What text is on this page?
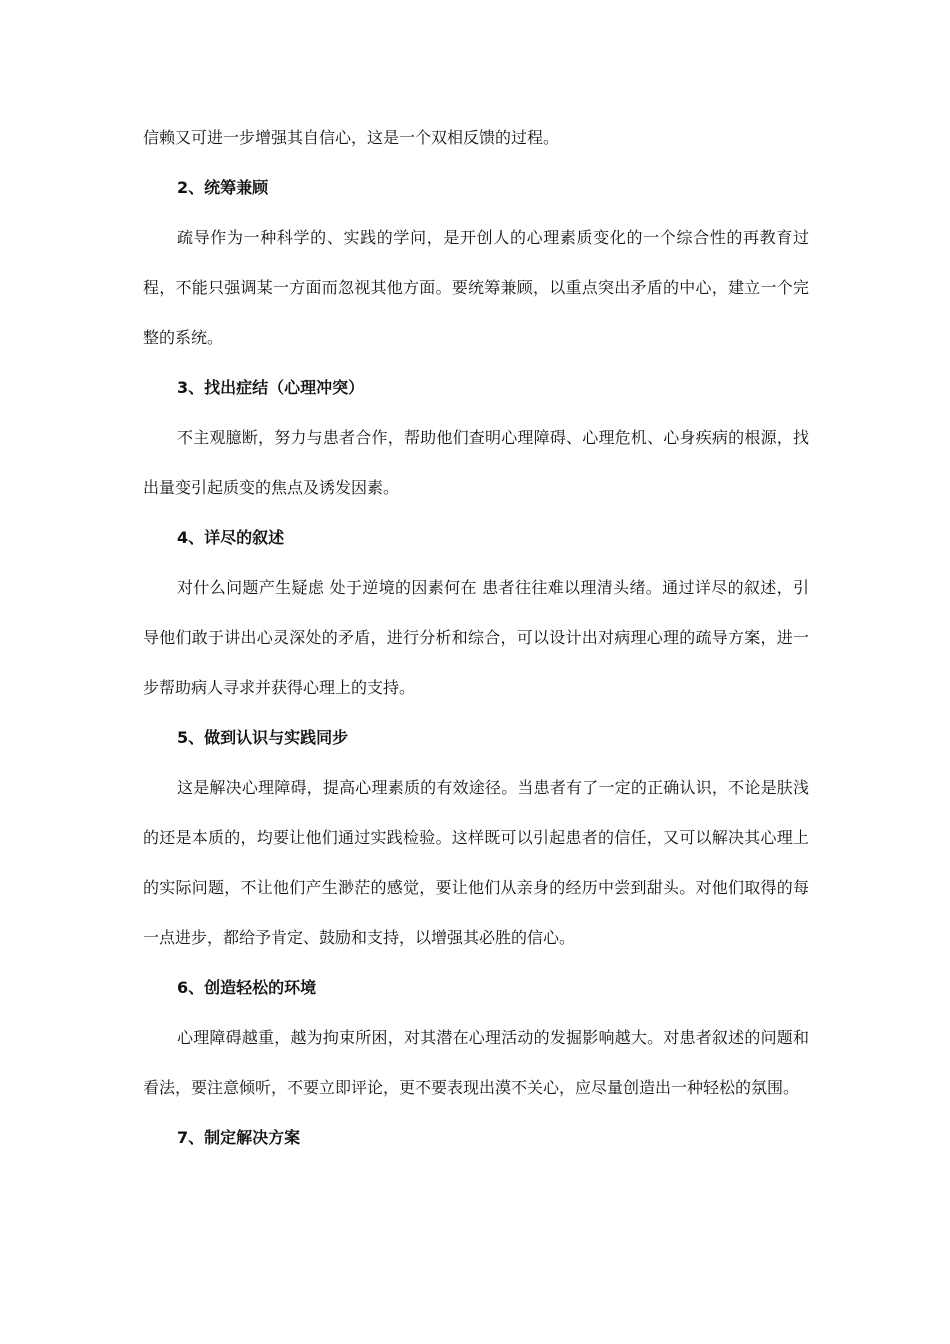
信赖又可进一步增强其自信心，这是一个双相反馈的过程。

2、统筹兼顾

疏导作为一种科学的、实践的学问，是开创人的心理素质变化的一个综合性的再教育过程，不能只强调某一方面而忽视其他方面。要统筹兼顾，以重点突出矛盾的中心，建立一个完整的系统。

3、找出症结（心理冲突）

不主观臆断，努力与患者合作，帮助他们查明心理障碍、心理危机、心身疾病的根源，找出量变引起质变的焦点及诱发因素。

4、详尽的叙述

对什么问题产生疑虑 处于逆境的因素何在 患者往往难以理清头绪。通过详尽的叙述，引导他们敢于讲出心灵深处的矛盾，进行分析和综合，可以设计出对病理心理的疏导方案，进一步帮助病人寻求并获得心理上的支持。

5、做到认识与实践同步

这是解决心理障碍，提高心理素质的有效途径。当患者有了一定的正确认识，不论是肤浅的还是本质的，均要让他们通过实践检验。这样既可以引起患者的信任，又可以解决其心理上的实际问题，不让他们产生渺茫的感觉，要让他们从亲身的经历中尝到甜头。对他们取得的每一点进步，都给予肯定、鼓励和支持，以增强其必胜的信心。

6、创造轻松的环境

心理障碍越重，越为拘束所困，对其潜在心理活动的发掘影响越大。对患者叙述的问题和看法，要注意倾听，不要立即评论，更不要表现出漠不关心，应尽量创造出一种轻松的氛围。

7、制定解决方案
